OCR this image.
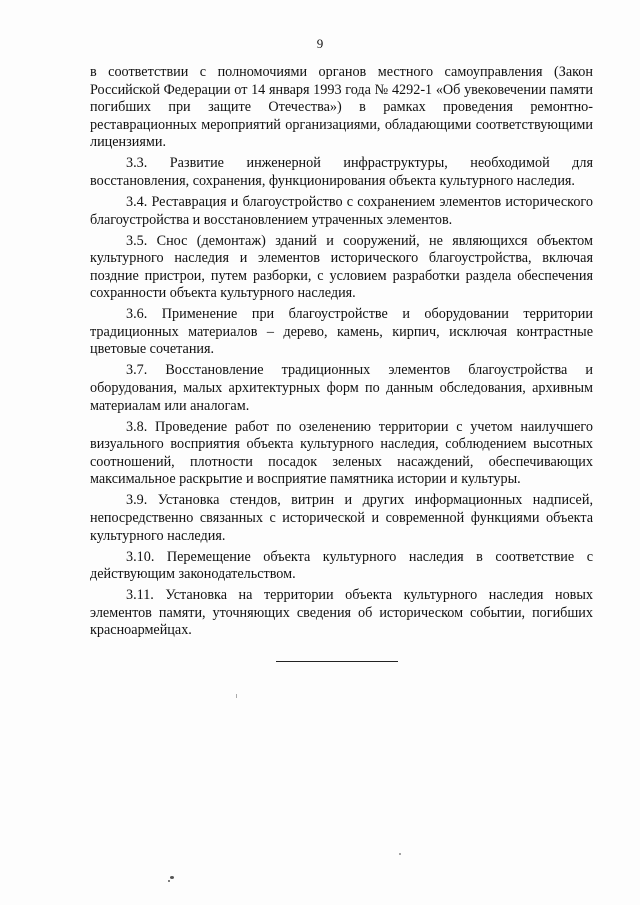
9

в соответствии с полномочиями органов местного самоуправления (Закон Российской Федерации от 14 января 1993 года № 4292-1 «Об увековечении памяти погибших при защите Отечества») в рамках проведения ремонтно-реставрационных мероприятий организациями, обладающими соответствующими лицензиями.

3.3. Развитие инженерной инфраструктуры, необходимой для восстановления, сохранения, функционирования объекта культурного наследия.

3.4. Реставрация и благоустройство с сохранением элементов исторического благоустройства и восстановлением утраченных элементов.

3.5. Снос (демонтаж) зданий и сооружений, не являющихся объектом культурного наследия и элементов исторического благоустройства, включая поздние пристрои, путем разборки, с условием разработки раздела обеспечения сохранности объекта культурного наследия.

3.6. Применение при благоустройстве и оборудовании территории традиционных материалов – дерево, камень, кирпич, исключая контрастные цветовые сочетания.

3.7. Восстановление традиционных элементов благоустройства и оборудования, малых архитектурных форм по данным обследования, архивным материалам или аналогам.

3.8. Проведение работ по озеленению территории с учетом наилучшего визуального восприятия объекта культурного наследия, соблюдением высотных соотношений, плотности посадок зеленых насаждений, обеспечивающих максимальное раскрытие и восприятие памятника истории и культуры.

3.9. Установка стендов, витрин и других информационных надписей, непосредственно связанных с исторической и современной функциями объекта культурного наследия.

3.10. Перемещение объекта культурного наследия в соответствие с действующим законодательством.

3.11. Установка на территории объекта культурного наследия новых элементов памяти, уточняющих сведения об историческом событии, погибших красноармейцах.
